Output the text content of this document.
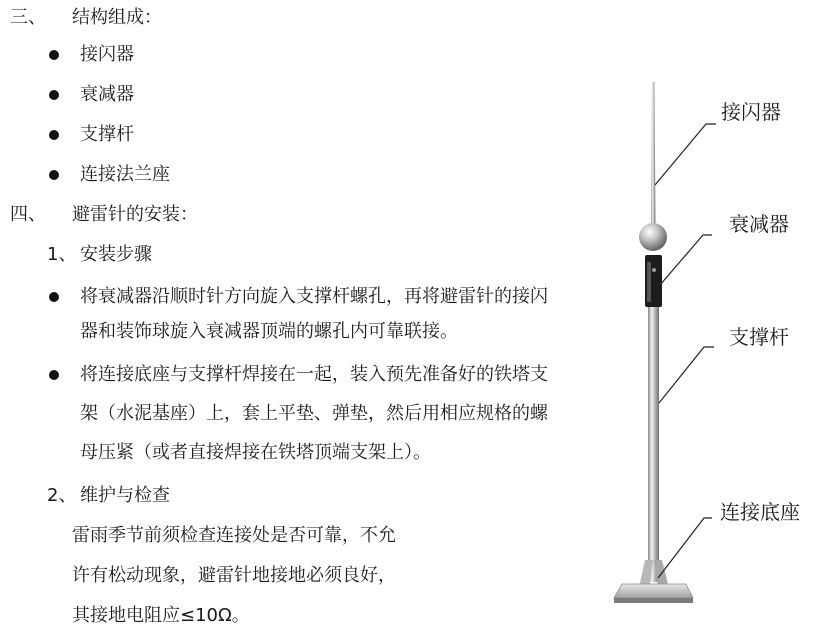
三、 结构组成：
接闪器
衰减器
支撑杆
连接法兰座
四、 避雷针的安装：
1、 安装步骤
将衰减器沿顺时针方向旋入支撑杆螺孔，再将避雷针的接闪
器和装饰球旋入衰减器顶端的螺孔内可靠联接。
将连接底座与支撑杆焊接在一起，装入预先准备好的铁塔支
架（水泥基座）上，套上平垫、弹垫，然后用相应规格的螺
母压紧（或者直接焊接在铁塔顶端支架上）。
2、 维护与检查
雷雨季节前须检查连接处是否可靠，不允
许有松动现象，避雷针地接地必须良好，
其接地电阻应≤10Ω。
接闪器
衰减器
支撑杆
连接底座
